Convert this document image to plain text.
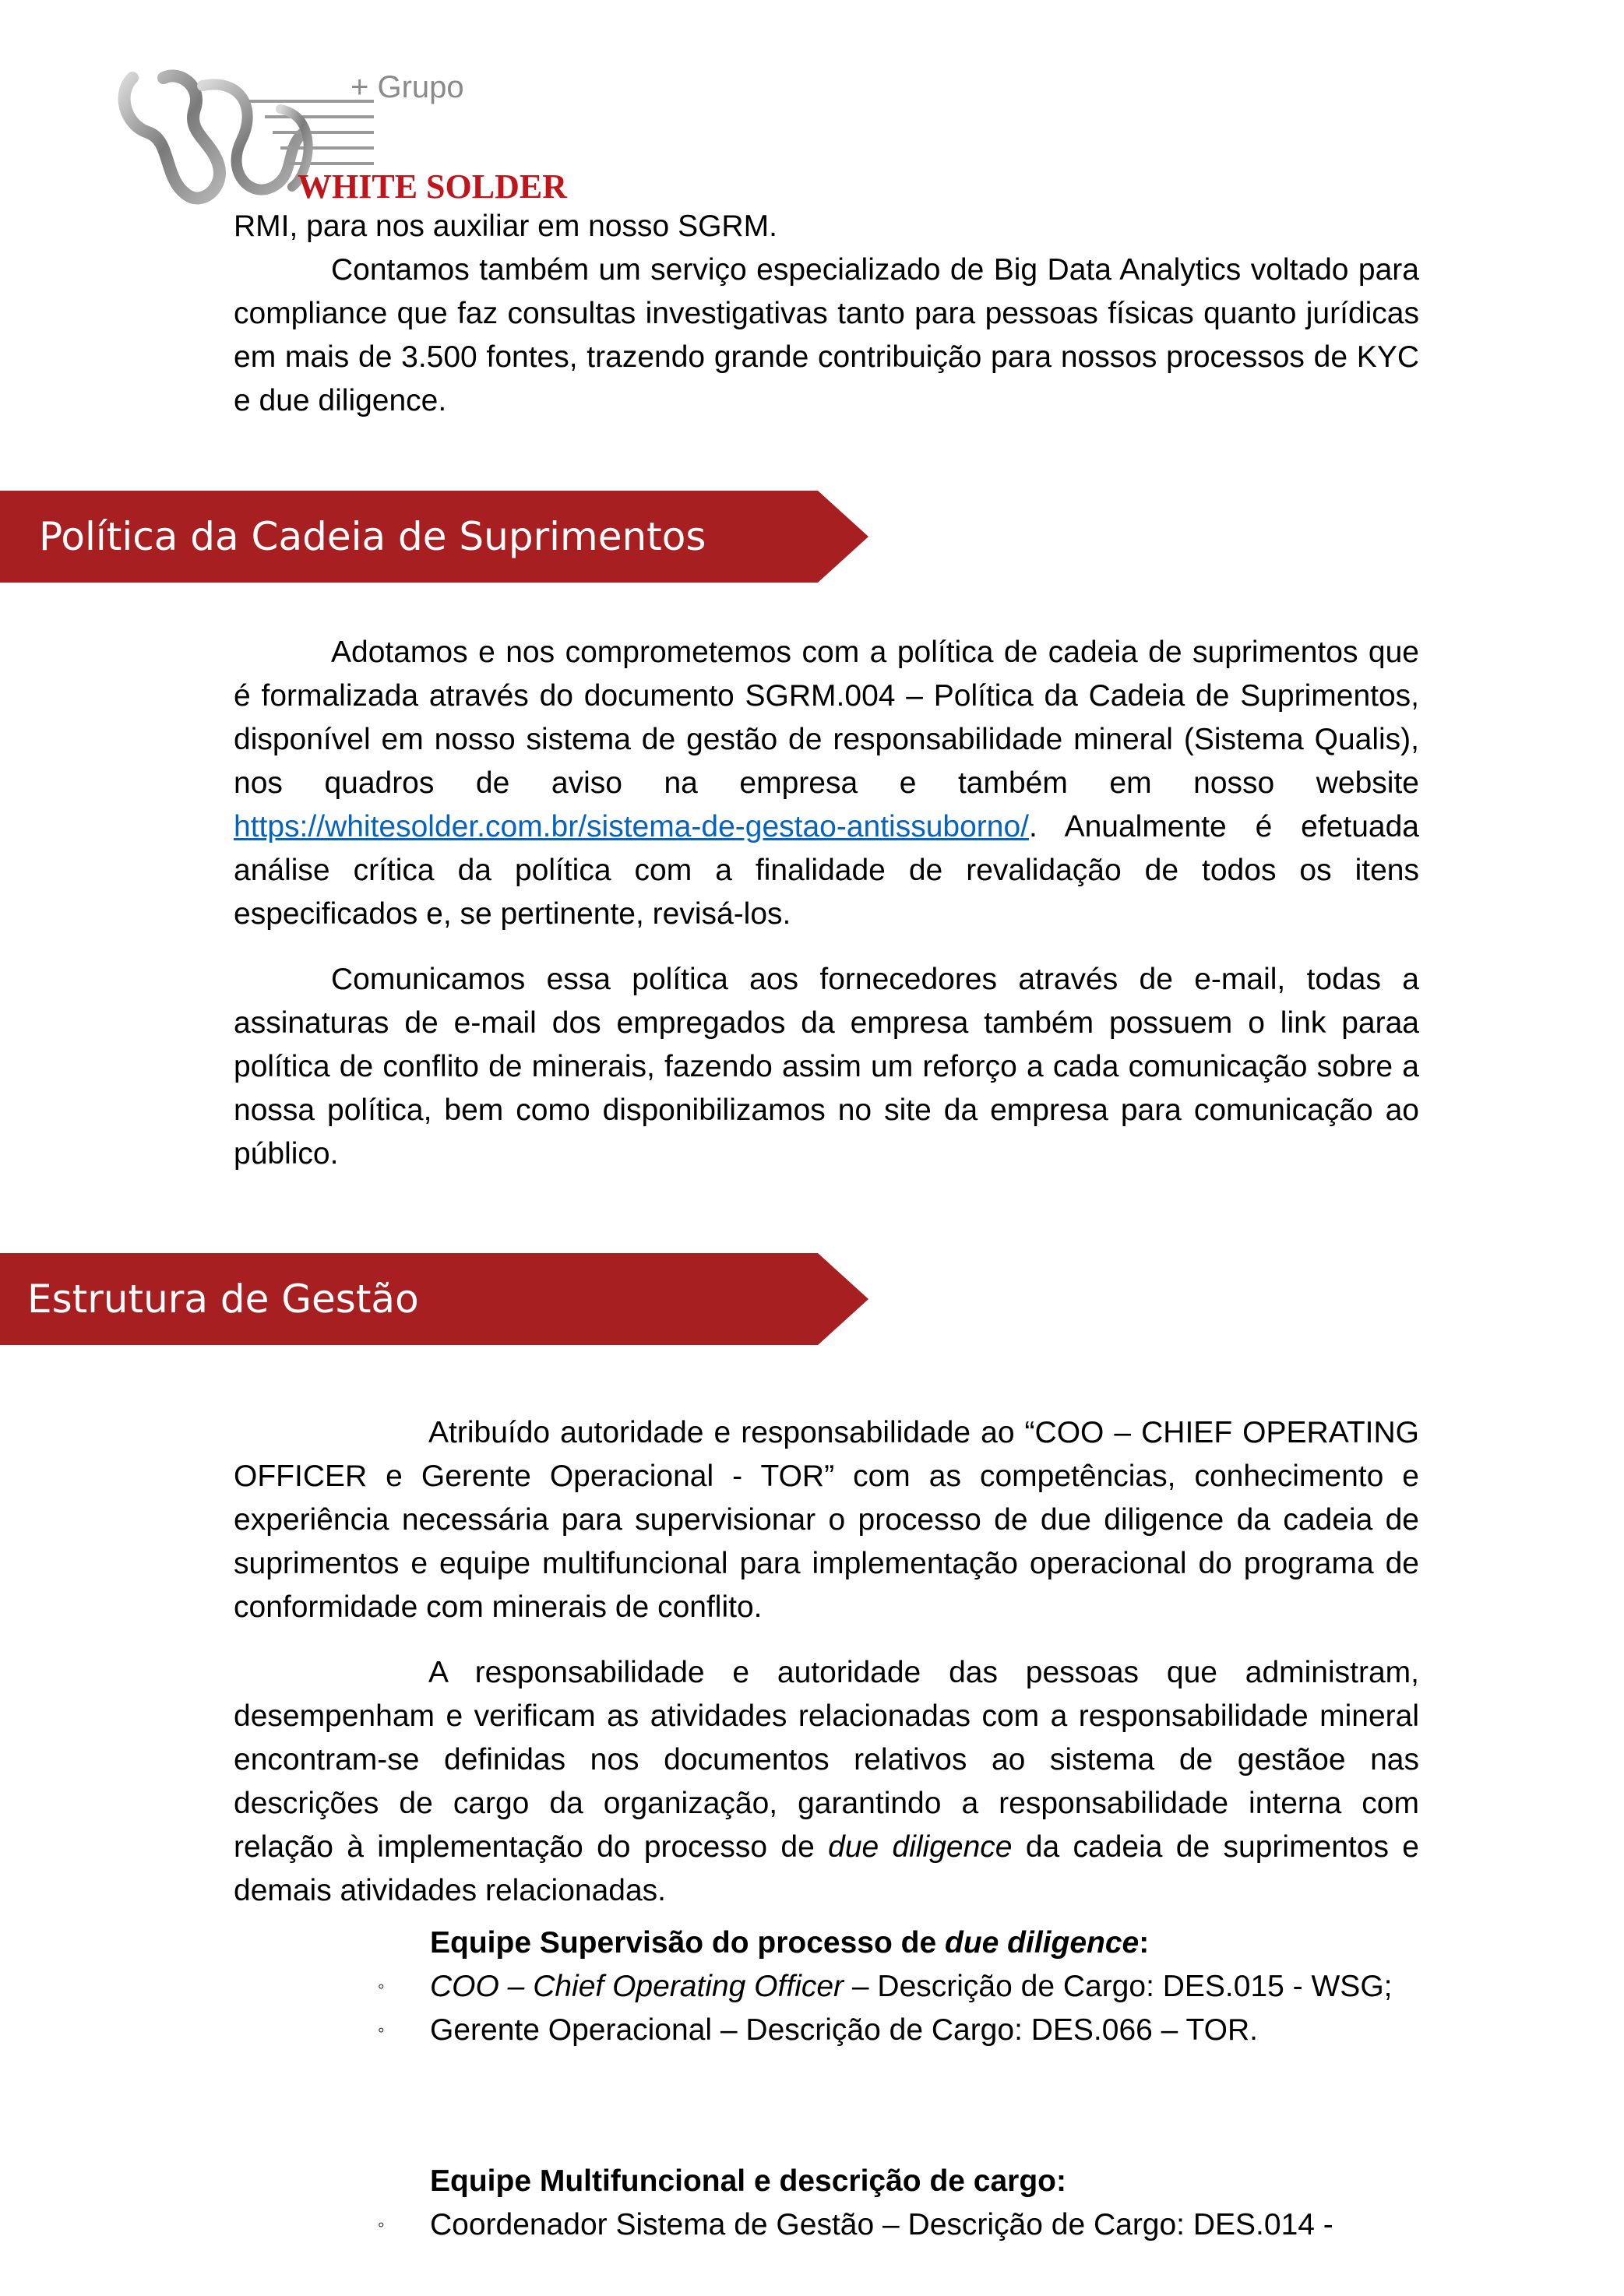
+ Grupo
WHITE SOLDER

RMI, para nos auxiliar em nosso SGRM.

Contamos também um serviço especializado de Big Data Analytics voltado para compliance que faz consultas investigativas tanto para pessoas físicas quanto jurídicas em mais de 3.500 fontes, trazendo grande contribuição para nossos processos de KYC e due diligence.

Política da Cadeia de Suprimentos

Adotamos e nos comprometemos com a política de cadeia de suprimentos que é formalizada através do documento SGRM.004 – Política da Cadeia de Suprimentos, disponível em nosso sistema de gestão de responsabilidade mineral (Sistema Qualis), nos quadros de aviso na empresa e também em nosso website https://whitesolder.com.br/sistema-de-gestao-antissuborno/. Anualmente é efetuada análise crítica da política com a finalidade de revalidação de todos os itens especificados e, se pertinente, revisá-los.

Comunicamos essa política aos fornecedores através de e-mail, todas a assinaturas de e-mail dos empregados da empresa também possuem o link paraa política de conflito de minerais, fazendo assim um reforço a cada comunicação sobre a nossa política, bem como disponibilizamos no site da empresa para comunicação ao público.

Estrutura de Gestão

Atribuído autoridade e responsabilidade ao “COO – CHIEF OPERATING OFFICER e Gerente Operacional - TOR” com as competências, conhecimento e experiência necessária para supervisionar o processo de due diligence da cadeia de suprimentos e equipe multifuncional para implementação operacional do programa de conformidade com minerais de conflito.

A responsabilidade e autoridade das pessoas que administram, desempenham e verificam as atividades relacionadas com a responsabilidade mineral encontram-se definidas nos documentos relativos ao sistema de gestãoe nas descrições de cargo da organização, garantindo a responsabilidade interna com relação à implementação do processo de due diligence da cadeia de suprimentos e demais atividades relacionadas.

Equipe Supervisão do processo de due diligence:

◦ COO – Chief Operating Officer – Descrição de Cargo: DES.015 - WSG;
◦ Gerente Operacional – Descrição de Cargo: DES.066 – TOR.

Equipe Multifuncional e descrição de cargo:

◦ Coordenador Sistema de Gestão – Descrição de Cargo: DES.014 -
